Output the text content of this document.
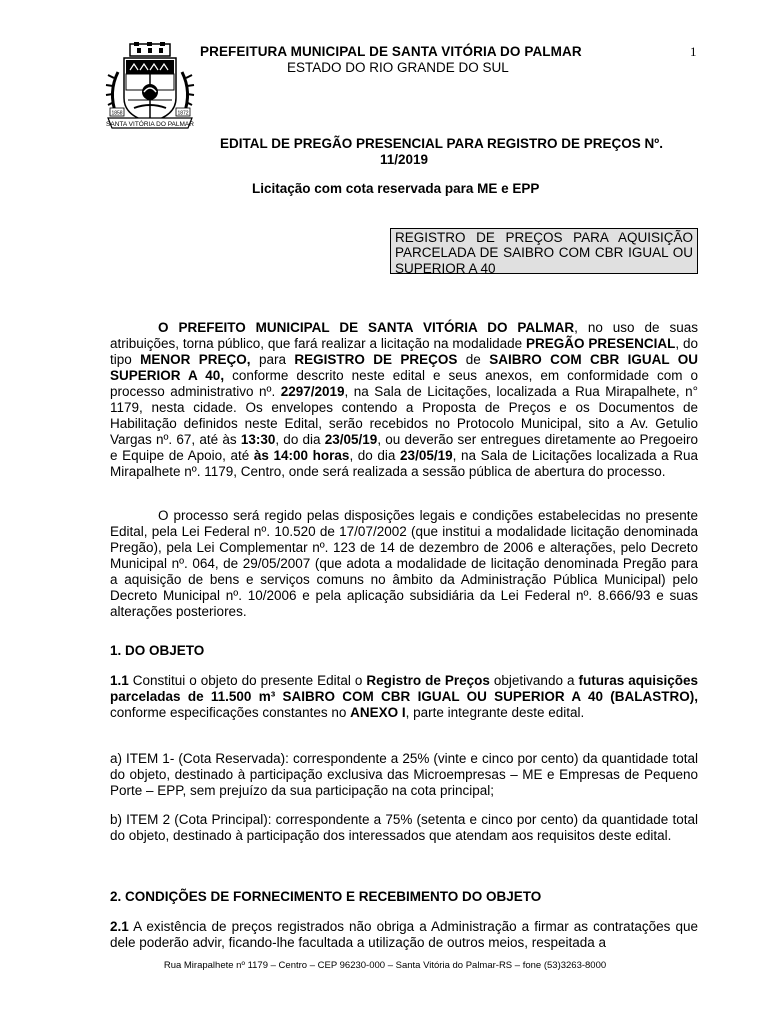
SANTA VITÓRIA DO PALMAR
1858	1872
PREFEITURA MUNICIPAL DE SANTA VITÓRIA DO PALMAR
ESTADO DO RIO GRANDE DO SUL
1
EDITAL DE PREGÃO PRESENCIAL PARA REGISTRO DE PREÇOS Nº.
11/2019
Licitação com cota reservada para ME e EPP
REGISTRO DE PREÇOS PARA AQUISIÇÃO PARCELADA DE SAIBRO COM CBR IGUAL OU SUPERIOR A 40
O PREFEITO MUNICIPAL DE SANTA VITÓRIA DO PALMAR, no uso de suas atribuições, torna público, que fará realizar a licitação na modalidade PREGÃO PRESENCIAL, do tipo MENOR PREÇO, para REGISTRO DE PREÇOS de SAIBRO COM CBR IGUAL OU SUPERIOR A 40, conforme descrito neste edital e seus anexos, em conformidade com o processo administrativo nº. 2297/2019, na Sala de Licitações, localizada a Rua Mirapalhete, n° 1179, nesta cidade. Os envelopes contendo a Proposta de Preços e os Documentos de Habilitação definidos neste Edital, serão recebidos no Protocolo Municipal, sito a Av. Getulio Vargas nº. 67, até às 13:30, do dia 23/05/19, ou deverão ser entregues diretamente ao Pregoeiro e Equipe de Apoio, até às 14:00 horas, do dia 23/05/19, na Sala de Licitações localizada a Rua Mirapalhete nº. 1179, Centro, onde será realizada a sessão pública de abertura do processo.
O processo será regido pelas disposições legais e condições estabelecidas no presente Edital, pela Lei Federal nº. 10.520 de 17/07/2002 (que institui a modalidade licitação denominada Pregão), pela Lei Complementar nº. 123 de 14 de dezembro de 2006 e alterações, pelo Decreto Municipal nº. 064, de 29/05/2007 (que adota a modalidade de licitação denominada Pregão para a aquisição de bens e serviços comuns no âmbito da Administração Pública Municipal) pelo Decreto Municipal nº. 10/2006 e pela aplicação subsidiária da Lei Federal nº. 8.666/93 e suas alterações posteriores.
1. DO OBJETO
1.1 Constitui o objeto do presente Edital o Registro de Preços objetivando a futuras aquisições parceladas de 11.500 m³ SAIBRO COM CBR IGUAL OU SUPERIOR A 40 (BALASTRO), conforme especificações constantes no ANEXO I, parte integrante deste edital.
a) ITEM 1- (Cota Reservada): correspondente a 25% (vinte e cinco por cento) da quantidade total do objeto, destinado à participação exclusiva das Microempresas – ME e Empresas de Pequeno Porte – EPP, sem prejuízo da sua participação na cota principal;
b) ITEM 2 (Cota Principal): correspondente a 75% (setenta e cinco por cento) da quantidade total do objeto, destinado à participação dos interessados que atendam aos requisitos deste edital.
2. CONDIÇÕES DE FORNECIMENTO E RECEBIMENTO DO OBJETO
2.1 A existência de preços registrados não obriga a Administração a firmar as contratações que dele poderão advir, ficando-lhe facultada a utilização de outros meios, respeitada a
Rua Mirapalhete nº 1179 – Centro – CEP 96230-000 – Santa Vitória do Palmar-RS – fone (53)3263-8000
